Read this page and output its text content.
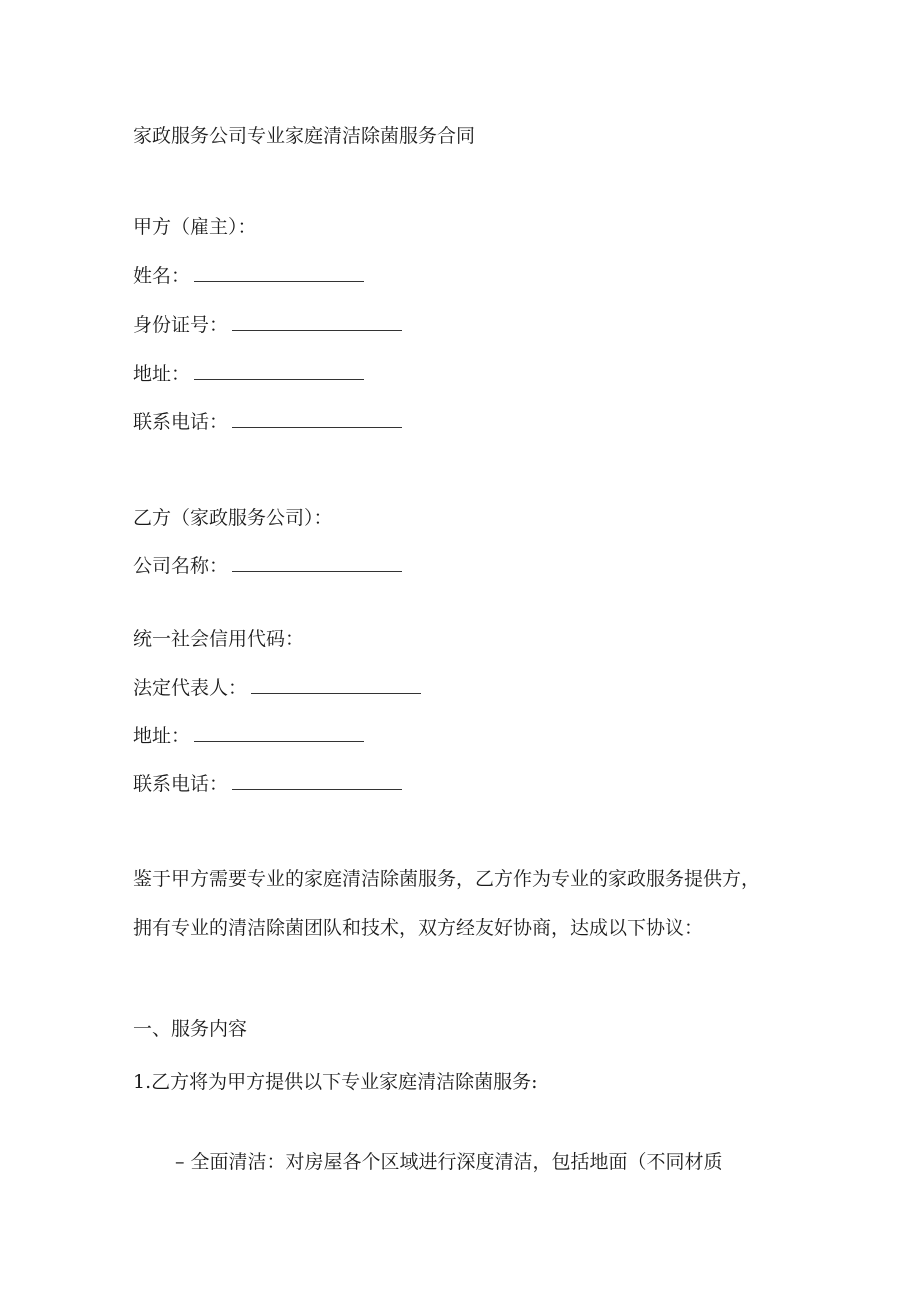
家政服务公司专业家庭清洁除菌服务合同
甲方（雇主）：
姓名：
身份证号：
地址：
联系电话：
乙方（家政服务公司）：
公司名称：
统一社会信用代码：
法定代表人：
地址：
联系电话：
鉴于甲方需要专业的家庭清洁除菌服务，乙方作为专业的家政服务提供方，
拥有专业的清洁除菌团队和技术，双方经友好协商，达成以下协议：
一、服务内容
1.乙方将为甲方提供以下专业家庭清洁除菌服务:
– 全面清洁：对房屋各个区域进行深度清洁，包括地面（不同材质
